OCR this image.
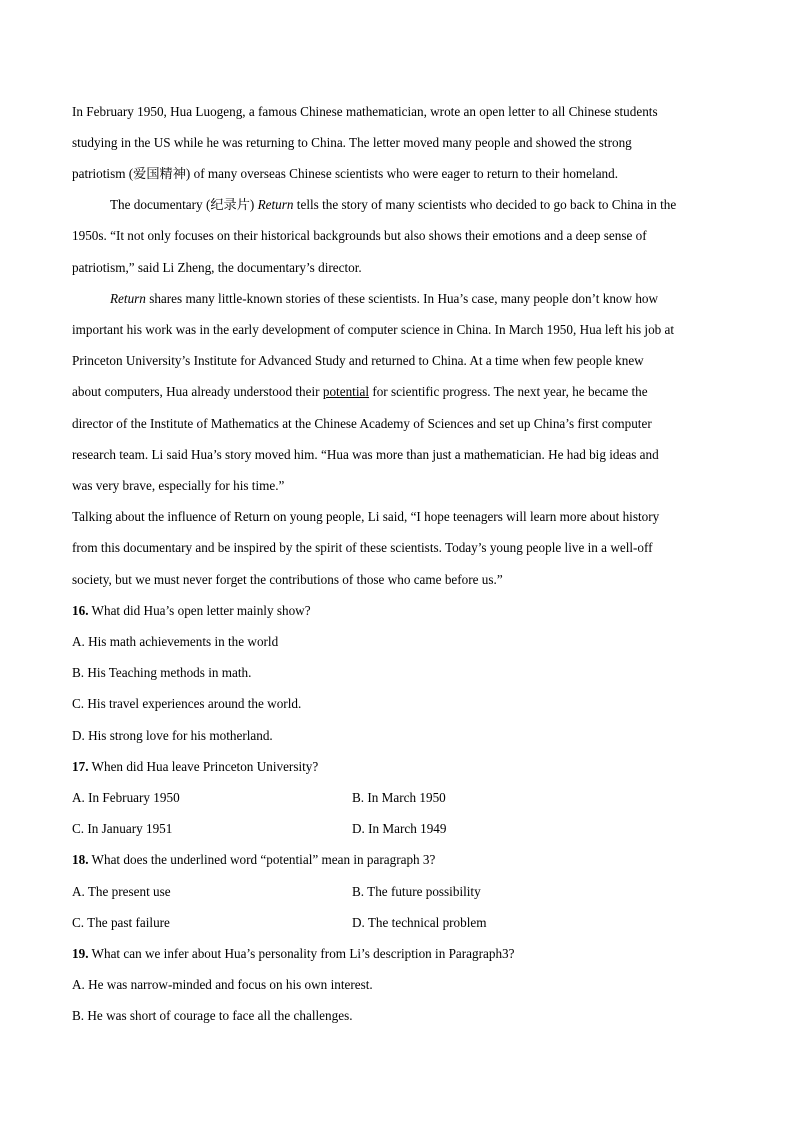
In February 1950, Hua Luogeng, a famous Chinese mathematician, wrote an open letter to all Chinese students
studying in the US while he was returning to China. The letter moved many people and showed the strong
patriotism (爱国精神) of many overseas Chinese scientists who were eager to return to their homeland.
The documentary (纪录片) Return tells the story of many scientists who decided to go back to China in the
1950s. “It not only focuses on their historical backgrounds but also shows their emotions and a deep sense of
patriotism,” said Li Zheng, the documentary’s director.
Return shares many little-known stories of these scientists. In Hua’s case, many people don’t know how
important his work was in the early development of computer science in China. In March 1950, Hua left his job at
Princeton University’s Institute for Advanced Study and returned to China. At a time when few people knew
about computers, Hua already understood their potential for scientific progress. The next year, he became the
director of the Institute of Mathematics at the Chinese Academy of Sciences and set up China’s first computer
research team. Li said Hua’s story moved him. “Hua was more than just a mathematician. He had big ideas and
was very brave, especially for his time.”
Talking about the influence of Return on young people, Li said, “I hope teenagers will learn more about history
from this documentary and be inspired by the spirit of these scientists. Today’s young people live in a well-off
society, but we must never forget the contributions of those who came before us.”
16. What did Hua’s open letter mainly show?
A. His math achievements in the world
B. His Teaching methods in math.
C. His travel experiences around the world.
D. His strong love for his motherland.
17. When did Hua leave Princeton University?
A. In February 1950	B. In March 1950
C. In January 1951	D. In March 1949
18. What does the underlined word “potential” mean in paragraph 3?
A. The present use	B. The future possibility
C. The past failure	D. The technical problem
19. What can we infer about Hua’s personality from Li’s description in Paragraph3?
A. He was narrow-minded and focus on his own interest.
B. He was short of courage to face all the challenges.
